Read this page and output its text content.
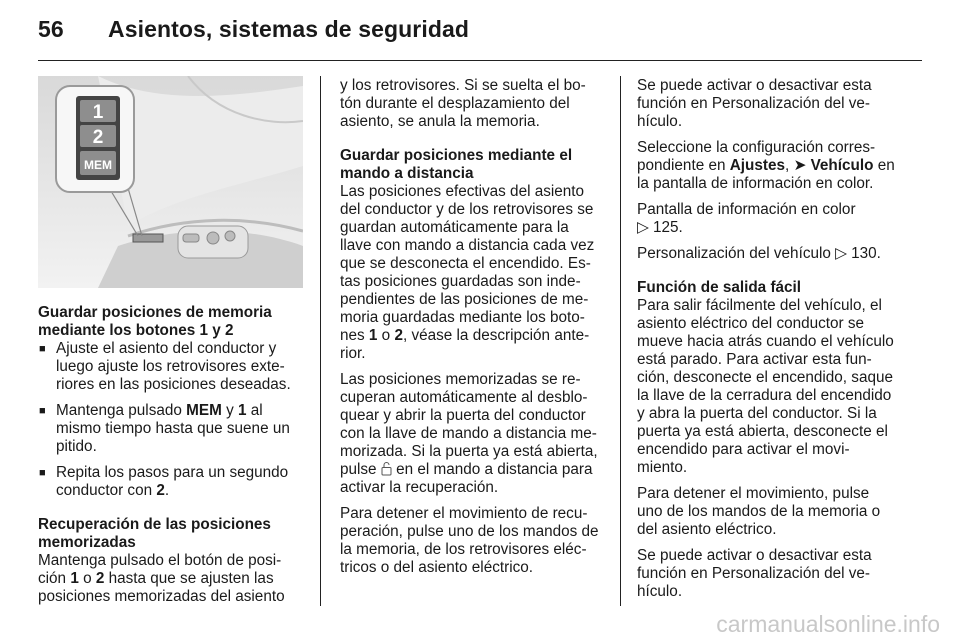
56 Asientos, sistemas de seguridad
1
2
MEM

Guardar posiciones de memoria
mediante los botones 1 y 2

■ Ajuste el asiento del conductor y
luego ajuste los retrovisores exte-
riores en las posiciones deseadas.
■ Mantenga pulsado MEM y 1 al
mismo tiempo hasta que suene un
pitido.
■ Repita los pasos para un segundo
conductor con 2.

Recuperación de las posiciones
memorizadas

Mantenga pulsado el botón de posi-
ción 1 o 2 hasta que se ajusten las
posiciones memorizadas del asiento

y los retrovisores. Si se suelta el bo-
tón durante el desplazamiento del
asiento, se anula la memoria.

Guardar posiciones mediante el
mando a distancia

Las posiciones efectivas del asiento
del conductor y de los retrovisores se
guardan automáticamente para la
llave con mando a distancia cada vez
que se desconecta el encendido. Es-
tas posiciones guardadas son inde-
pendientes de las posiciones de me-
moria guardadas mediante los boto-
nes 1 o 2, véase la descripción ante-
rior.

Las posiciones memorizadas se re-
cuperan automáticamente al desblo-
quear y abrir la puerta del conductor
con la llave de mando a distancia me-
morizada. Si la puerta ya está abierta,
pulse  en el mando a distancia para
activar la recuperación.

Para detener el movimiento de recu-
peración, pulse uno de los mandos de
la memoria, de los retrovisores eléc-
tricos o del asiento eléctrico.

Se puede activar o desactivar esta
función en Personalización del ve-
hículo.

Seleccione la configuración corres-
pondiente en Ajustes, ➤ Vehículo en
la pantalla de información en color.

Pantalla de información en color
▷ 125.

Personalización del vehículo ▷ 130.

Función de salida fácil

Para salir fácilmente del vehículo, el
asiento eléctrico del conductor se
mueve hacia atrás cuando el vehículo
está parado. Para activar esta fun-
ción, desconecte el encendido, saque
la llave de la cerradura del encendido
y abra la puerta del conductor. Si la
puerta ya está abierta, desconecte el
encendido para activar el movi-
miento.

Para detener el movimiento, pulse
uno de los mandos de la memoria o
del asiento eléctrico.

Se puede activar o desactivar esta
función en Personalización del ve-
hículo.

carmanualsonline.info
